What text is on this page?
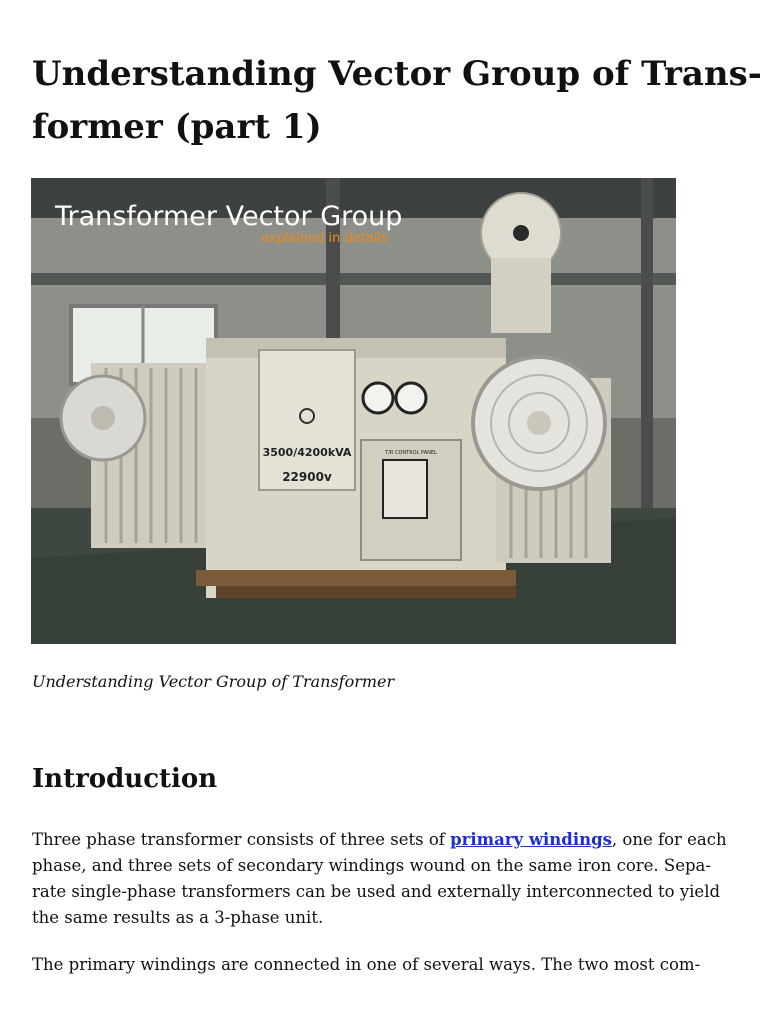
Understanding Vector Group of Trans-
former (part 1)
3500/4200kVA
22900v
T/R CONTROL PANEL
Transformer Vector Group
explained in details
Understanding Vector Group of Transformer
Introduction
Three phase transformer consists of three sets of primary windings, one for each
phase, and three sets of secondary windings wound on the same iron core. Sepa-
rate single-phase transformers can be used and externally interconnected to yield
the same results as a 3-phase unit.
The primary windings are connected in one of several ways. The two most com-
